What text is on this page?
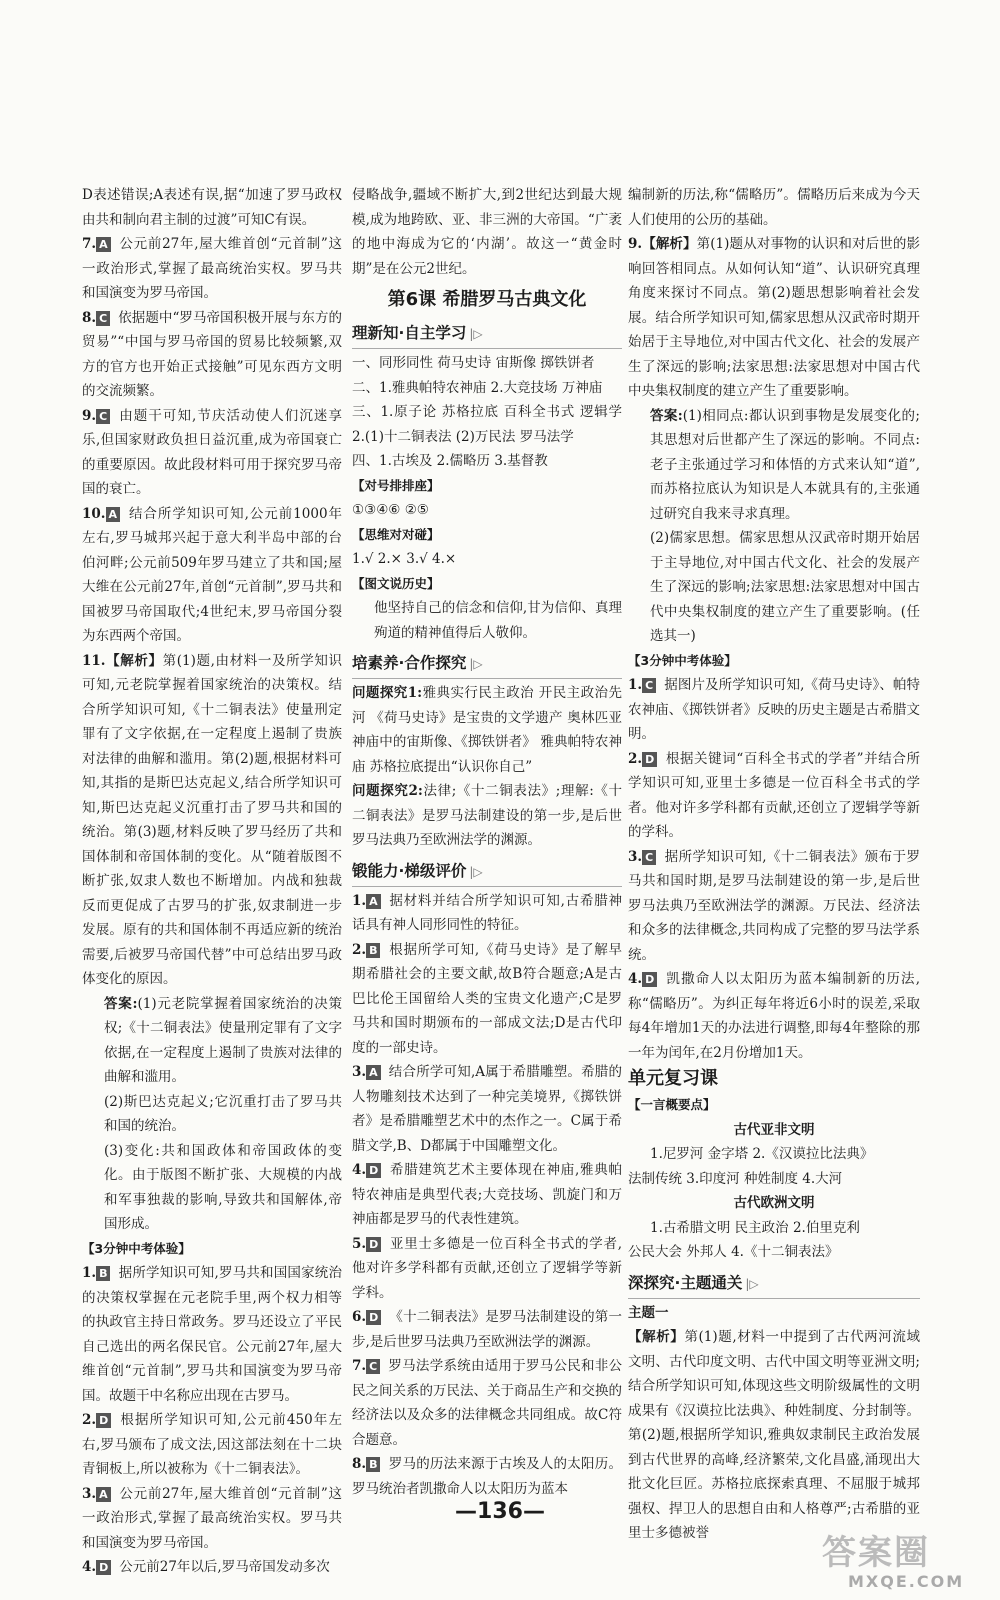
D表述错误;A表述有误,据“加速了罗马政权由共和制向君主制的过渡”可知C有误。

7. A 公元前27年,屋大维首创“元首制”这一政治形式,掌握了最高统治实权。罗马共和国演变为罗马帝国。

8. C 依据题中“罗马帝国积极开展与东方的贸易”“中国与罗马帝国的贸易比较频繁,双方的官方也开始正式接触”可见东西方文明的交流频繁。

9. C 由题干可知,节庆活动使人们沉迷享乐,但国家财政负担日益沉重,成为帝国衰亡的重要原因。故此段材料可用于探究罗马帝国的衰亡。

10. A 结合所学知识可知,公元前1000年左右,罗马城邦兴起于意大利半岛中部的台伯河畔;公元前509年罗马建立了共和国;屋大维在公元前27年,首创“元首制”,罗马共和国被罗马帝国取代;4世纪末,罗马帝国分裂为东西两个帝国。

11.【解析】第(1)题,由材料一及所学知识可知,元老院掌握着国家统治的决策权。结合所学知识可知,《十二铜表法》使量刑定罪有了文字依据,在一定程度上遏制了贵族对法律的曲解和滥用。第(2)题,根据材料可知,其指的是斯巴达克起义,结合所学知识可知,斯巴达克起义沉重打击了罗马共和国的统治。第(3)题,材料反映了罗马经历了共和国体制和帝国体制的变化。从“随着版图不断扩张,奴隶人数也不断增加。内战和独裁反而更促成了古罗马的扩张,奴隶制进一步发展。原有的共和国体制不再适应新的统治需要,后被罗马帝国代替”中可总结出罗马政体变化的原因。

答案:(1)元老院掌握着国家统治的决策权;《十二铜表法》使量刑定罪有了文字依据,在一定程度上遏制了贵族对法律的曲解和滥用。

(2)斯巴达克起义;它沉重打击了罗马共和国的统治。

(3)变化:共和国政体和帝国政体的变化。由于版图不断扩张、大规模的内战和军事独裁的影响,导致共和国解体,帝国形成。

【3分钟中考体验】

1. B 据所学知识可知,罗马共和国国家统治的决策权掌握在元老院手里,两个权力相等的执政官主持日常政务。罗马还设立了平民自己选出的两名保民官。公元前27年,屋大维首创“元首制”,罗马共和国演变为罗马帝国。故题干中名称应出现在古罗马。

2. D 根据所学知识可知,公元前450年左右,罗马颁布了成文法,因这部法刻在十二块青铜板上,所以被称为《十二铜表法》。

3. A 公元前27年,屋大维首创“元首制”这一政治形式,掌握了最高统治实权。罗马共和国演变为罗马帝国。

4. D 公元前27年以后,罗马帝国发动多次

侵略战争,疆域不断扩大,到2世纪达到最大规模,成为地跨欧、亚、非三洲的大帝国。“广袤的地中海成为它的‘内湖’。故这一“黄金时期”是在公元2世纪。

第6课 希腊罗马古典文化
理新知·自主学习 |▷

一、同形同性 荷马史诗 宙斯像 掷铁饼者

二、1.雅典帕特农神庙 2.大竞技场 万神庙

三、1.原子论 苏格拉底 百科全书式 逻辑学 2.(1)十二铜表法 (2)万民法 罗马法学

四、1.古埃及 2.儒略历 3.基督教

【对号排排座】

①③④⑥ ②⑤

【思维对对碰】

1.√ 2.× 3.√ 4.×

【图文说历史】

他坚持自己的信念和信仰,甘为信仰、真理殉道的精神值得后人敬仰。

培素养·合作探究 |▷

问题探究1:雅典实行民主政治 开民主政治先河 《荷马史诗》是宝贵的文学遗产 奥林匹亚神庙中的宙斯像、《掷铁饼者》 雅典帕特农神庙 苏格拉底提出“认识你自己”

问题探究2:法律;《十二铜表法》;理解:《十二铜表法》是罗马法制建设的第一步,是后世罗马法典乃至欧洲法学的渊源。

锻能力·梯级评价 |▷

1. A 据材料并结合所学知识可知,古希腊神话具有神人同形同性的特征。

2. B 根据所学可知,《荷马史诗》是了解早期希腊社会的主要文献,故B符合题意;A是古巴比伦王国留给人类的宝贵文化遗产;C是罗马共和国时期颁布的一部成文法;D是古代印度的一部史诗。

3. A 结合所学可知,A属于希腊雕塑。希腊的人物雕刻技术达到了一种完美境界,《掷铁饼者》是希腊雕塑艺术中的杰作之一。C属于希腊文学,B、D都属于中国雕塑文化。

4. D 希腊建筑艺术主要体现在神庙,雅典帕特农神庙是典型代表;大竞技场、凯旋门和万神庙都是罗马的代表性建筑。

5. D 亚里士多德是一位百科全书式的学者,他对许多学科都有贡献,还创立了逻辑学等新学科。

6. D 《十二铜表法》是罗马法制建设的第一步,是后世罗马法典乃至欧洲法学的渊源。

7. C 罗马法学系统由适用于罗马公民和非公民之间关系的万民法、关于商品生产和交换的经济法以及众多的法律概念共同组成。故C符合题意。

8. B 罗马的历法来源于古埃及人的太阳历。罗马统治者凯撒命人以太阳历为蓝本

编制新的历法,称“儒略历”。儒略历后来成为今天人们使用的公历的基础。

9.【解析】第(1)题从对事物的认识和对后世的影响回答相同点。从如何认知“道”、认识研究真理角度来探讨不同点。第(2)题思想影响着社会发展。结合所学知识可知,儒家思想从汉武帝时期开始居于主导地位,对中国古代文化、社会的发展产生了深远的影响;法家思想:法家思想对中国古代中央集权制度的建立产生了重要影响。

答案:(1)相同点:都认识到事物是发展变化的;其思想对后世都产生了深远的影响。不同点:老子主张通过学习和体悟的方式来认知“道”,而苏格拉底认为知识是人本就具有的,主张通过研究自我来寻求真理。

(2)儒家思想。儒家思想从汉武帝时期开始居于主导地位,对中国古代文化、社会的发展产生了深远的影响;法家思想:法家思想对中国古代中央集权制度的建立产生了重要影响。(任选其一)

【3分钟中考体验】

1. C 据图片及所学知识可知,《荷马史诗》、帕特农神庙、《掷铁饼者》反映的历史主题是古希腊文明。

2. D 根据关键词“百科全书式的学者”并结合所学知识可知,亚里士多德是一位百科全书式的学者。他对许多学科都有贡献,还创立了逻辑学等新的学科。

3. C 据所学知识可知,《十二铜表法》颁布于罗马共和国时期,是罗马法制建设的第一步,是后世罗马法典乃至欧洲法学的渊源。万民法、经济法和众多的法律概念,共同构成了完整的罗马法学系统。

4. D 凯撒命人以太阳历为蓝本编制新的历法,称“儒略历”。为纠正每年将近6小时的误差,采取每4年增加1天的办法进行调整,即每4年整除的那一年为闰年,在2月份增加1天。

单元复习课

【一言概要点】

古代亚非文明

1.尼罗河 金字塔 2.《汉谟拉比法典》

法制传统 3.印度河 种姓制度 4.大河

古代欧洲文明

1.古希腊文明 民主政治 2.伯里克利

公民大会 外邦人 4.《十二铜表法》

深探究·主题通关 |▷

主题一

【解析】第(1)题,材料一中提到了古代两河流域文明、古代印度文明、古代中国文明等亚洲文明;结合所学知识可知,体现这些文明阶级属性的文明成果有《汉谟拉比法典》、种姓制度、分封制等。第(2)题,根据所学知识,雅典奴隶制民主政治发展到古代世界的高峰,经济繁荣,文化昌盛,涌现出大批文化巨匠。苏格拉底探索真理、不屈服于城邦强权、捍卫人的思想自由和人格尊严;古希腊的亚里士多德被誉

—136—
答案圈
MXQE.COM
